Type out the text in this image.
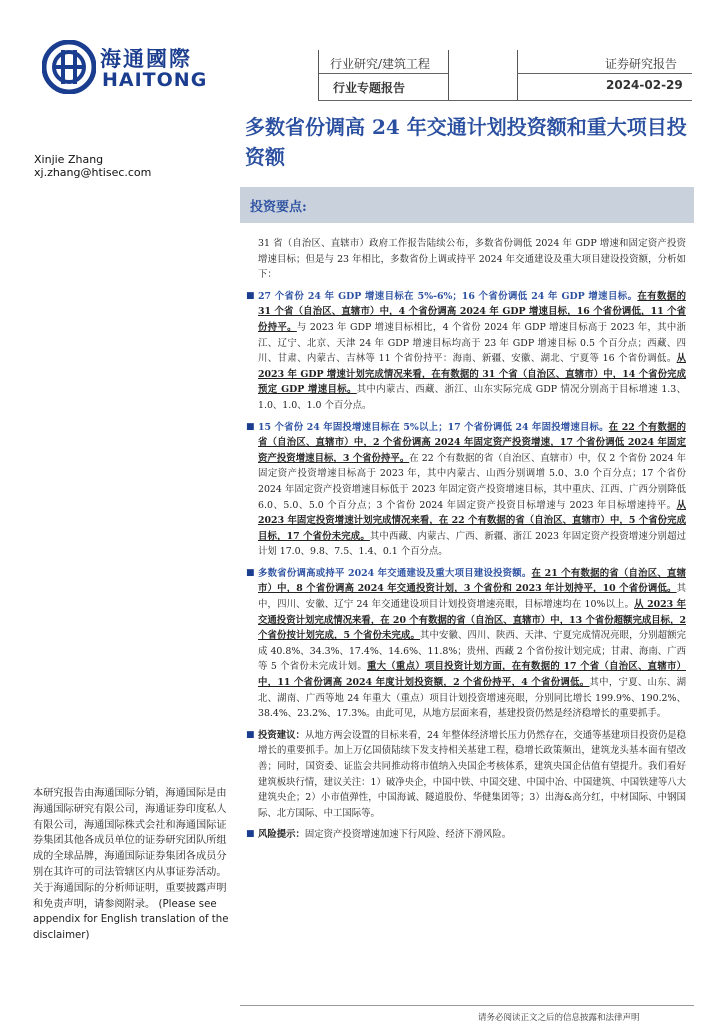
海通國際
HAITONG
行业研究/建筑工程
行业专题报告
证券研究报告
2024-02-29
多数省份调高 24 年交通计划投资额和重大项目投资额
Xinjie Zhang
xj.zhang@htisec.com
投资要点:

31 省（自治区、直辖市）政府工作报告陆续公布，多数省份调低 2024 年 GDP 增速和固定资产投资增速目标；但是与 23 年相比，多数省份上调或持平 2024 年交通建设及重大项目建设投资额，分析如下：

■ 27 个省份 24 年 GDP 增速目标在 5%-6%；16 个省份调低 24 年 GDP 增速目标。在有数据的 31 个省（自治区、直辖市）中，4 个省份调高 2024 年 GDP 增速目标，16 个省份调低，11 个省份持平。与 2023 年 GDP 增速目标相比，4 个省份 2024 年 GDP 增速目标高于 2023 年，其中浙江、辽宁、北京、天津 24 年 GDP 增速目标均高于 23 年 GDP 增速目标 0.5 个百分点；西藏、四川、甘肃、内蒙古、吉林等 11 个省份持平：海南、新疆、安徽、湖北、宁夏等 16 个省份调低。从 2023 年 GDP 增速计划完成情况来看，在有数据的 31 个省（自治区、直辖市）中，14 个省份完成预定 GDP 增速目标。其中内蒙古、西藏、浙江、山东实际完成 GDP 情况分别高于目标增速 1.3、1.0、1.0、1.0 个百分点。

■ 15 个省份 24 年固投增速目标在 5%以上；17 个省份调低 24 年固投增速目标。在 22 个有数据的省（自治区、直辖市）中，2 个省份调高 2024 年固定资产投资增速，17 个省份调低 2024 年固定资产投资增速目标，3 个省份持平。在 22 个有数据的省（自治区、直辖市）中，仅 2 个省份 2024 年固定资产投资增速目标高于 2023 年，其中内蒙古、山西分别调增 5.0、3.0 个百分点；17 个省份 2024 年固定资产投资增速目标低于 2023 年固定资产投资增速目标，其中重庆、江西、广西分别降低 6.0、5.0、5.0 个百分点；3 个省份 2024 年固定资产投资目标增速与 2023 年目标增速持平。从 2023 年固定投资增速计划完成情况来看，在 22 个有数据的省（自治区、直辖市）中，5 个省份完成目标，17 个省份未完成。其中西藏、内蒙古、广西、新疆、浙江 2023 年固定资产投资增速分别超过计划 17.0、9.8、7.5、1.4、0.1 个百分点。

■ 多数省份调高或持平 2024 年交通建设及重大项目建设投资额。在 21 个有数据的省（自治区、直辖市）中，8 个省份调高 2024 年交通投资计划，3 个省份和 2023 年计划持平，10 个省份调低。其中，四川、安徽、辽宁 24 年交通建设项目计划投资增速亮眼，目标增速均在 10%以上。从 2023 年交通投资计划完成情况来看，在 20 个有数据的省（自治区、直辖市）中，13 个省份超额完成目标，2 个省份按计划完成，5 个省份未完成。其中安徽、四川、陕西、天津、宁夏完成情况亮眼，分别超额完成 40.8%、34.3%、17.4%、14.6%、11.8%；贵州、西藏 2 个省份按计划完成；甘肃、海南、广西等 5 个省份未完成计划。重大（重点）项目投资计划方面，在有数据的 17 个省（自治区、直辖市）中，11 个省份调高 2024 年度计划投资额，2 个省份持平，4 个省份调低。其中，宁夏、山东、湖北、湖南、广西等地 24 年重大（重点）项目计划投资增速亮眼，分别同比增长 199.9%、190.2%、38.4%、23.2%、17.3%。由此可见，从地方层面来看，基建投资仍然是经济稳增长的重要抓手。

■ 投资建议：从地方两会设置的目标来看，24 年整体经济增长压力仍然存在，交通等基建项目投资仍是稳增长的重要抓手。加上万亿国债陆续下发支持相关基建工程，稳增长政策频出，建筑龙头基本面有望改善；同时，国资委、证监会共同推动将市值纳入央国企考核体系，建筑央国企估值有望提升。我们看好建筑板块行情，建议关注：1）破净央企，中国中铁、中国交建、中国中冶、中国建筑、中国铁建等八大建筑央企；2）小市值弹性，中国海诚、隧道股份、华健集团等；3）出海&高分红，中材国际、中钢国际、北方国际、中工国际等。

■ 风险提示：固定资产投资增速加速下行风险、经济下滑风险。

本研究报告由海通国际分销，海通国际是由海通国际研究有限公司，海通证券印度私人有限公司，海通国际株式会社和海通国际证券集团其他各成员单位的证券研究团队所组成的全球品牌，海通国际证券集团各成员分别在其许可的司法管辖区内从事证券活动。关于海通国际的分析师证明，重要披露声明和免责声明，请参阅附录。 (Please see appendix for English translation of the disclaimer)
请务必阅读正文之后的信息披露和法律声明
